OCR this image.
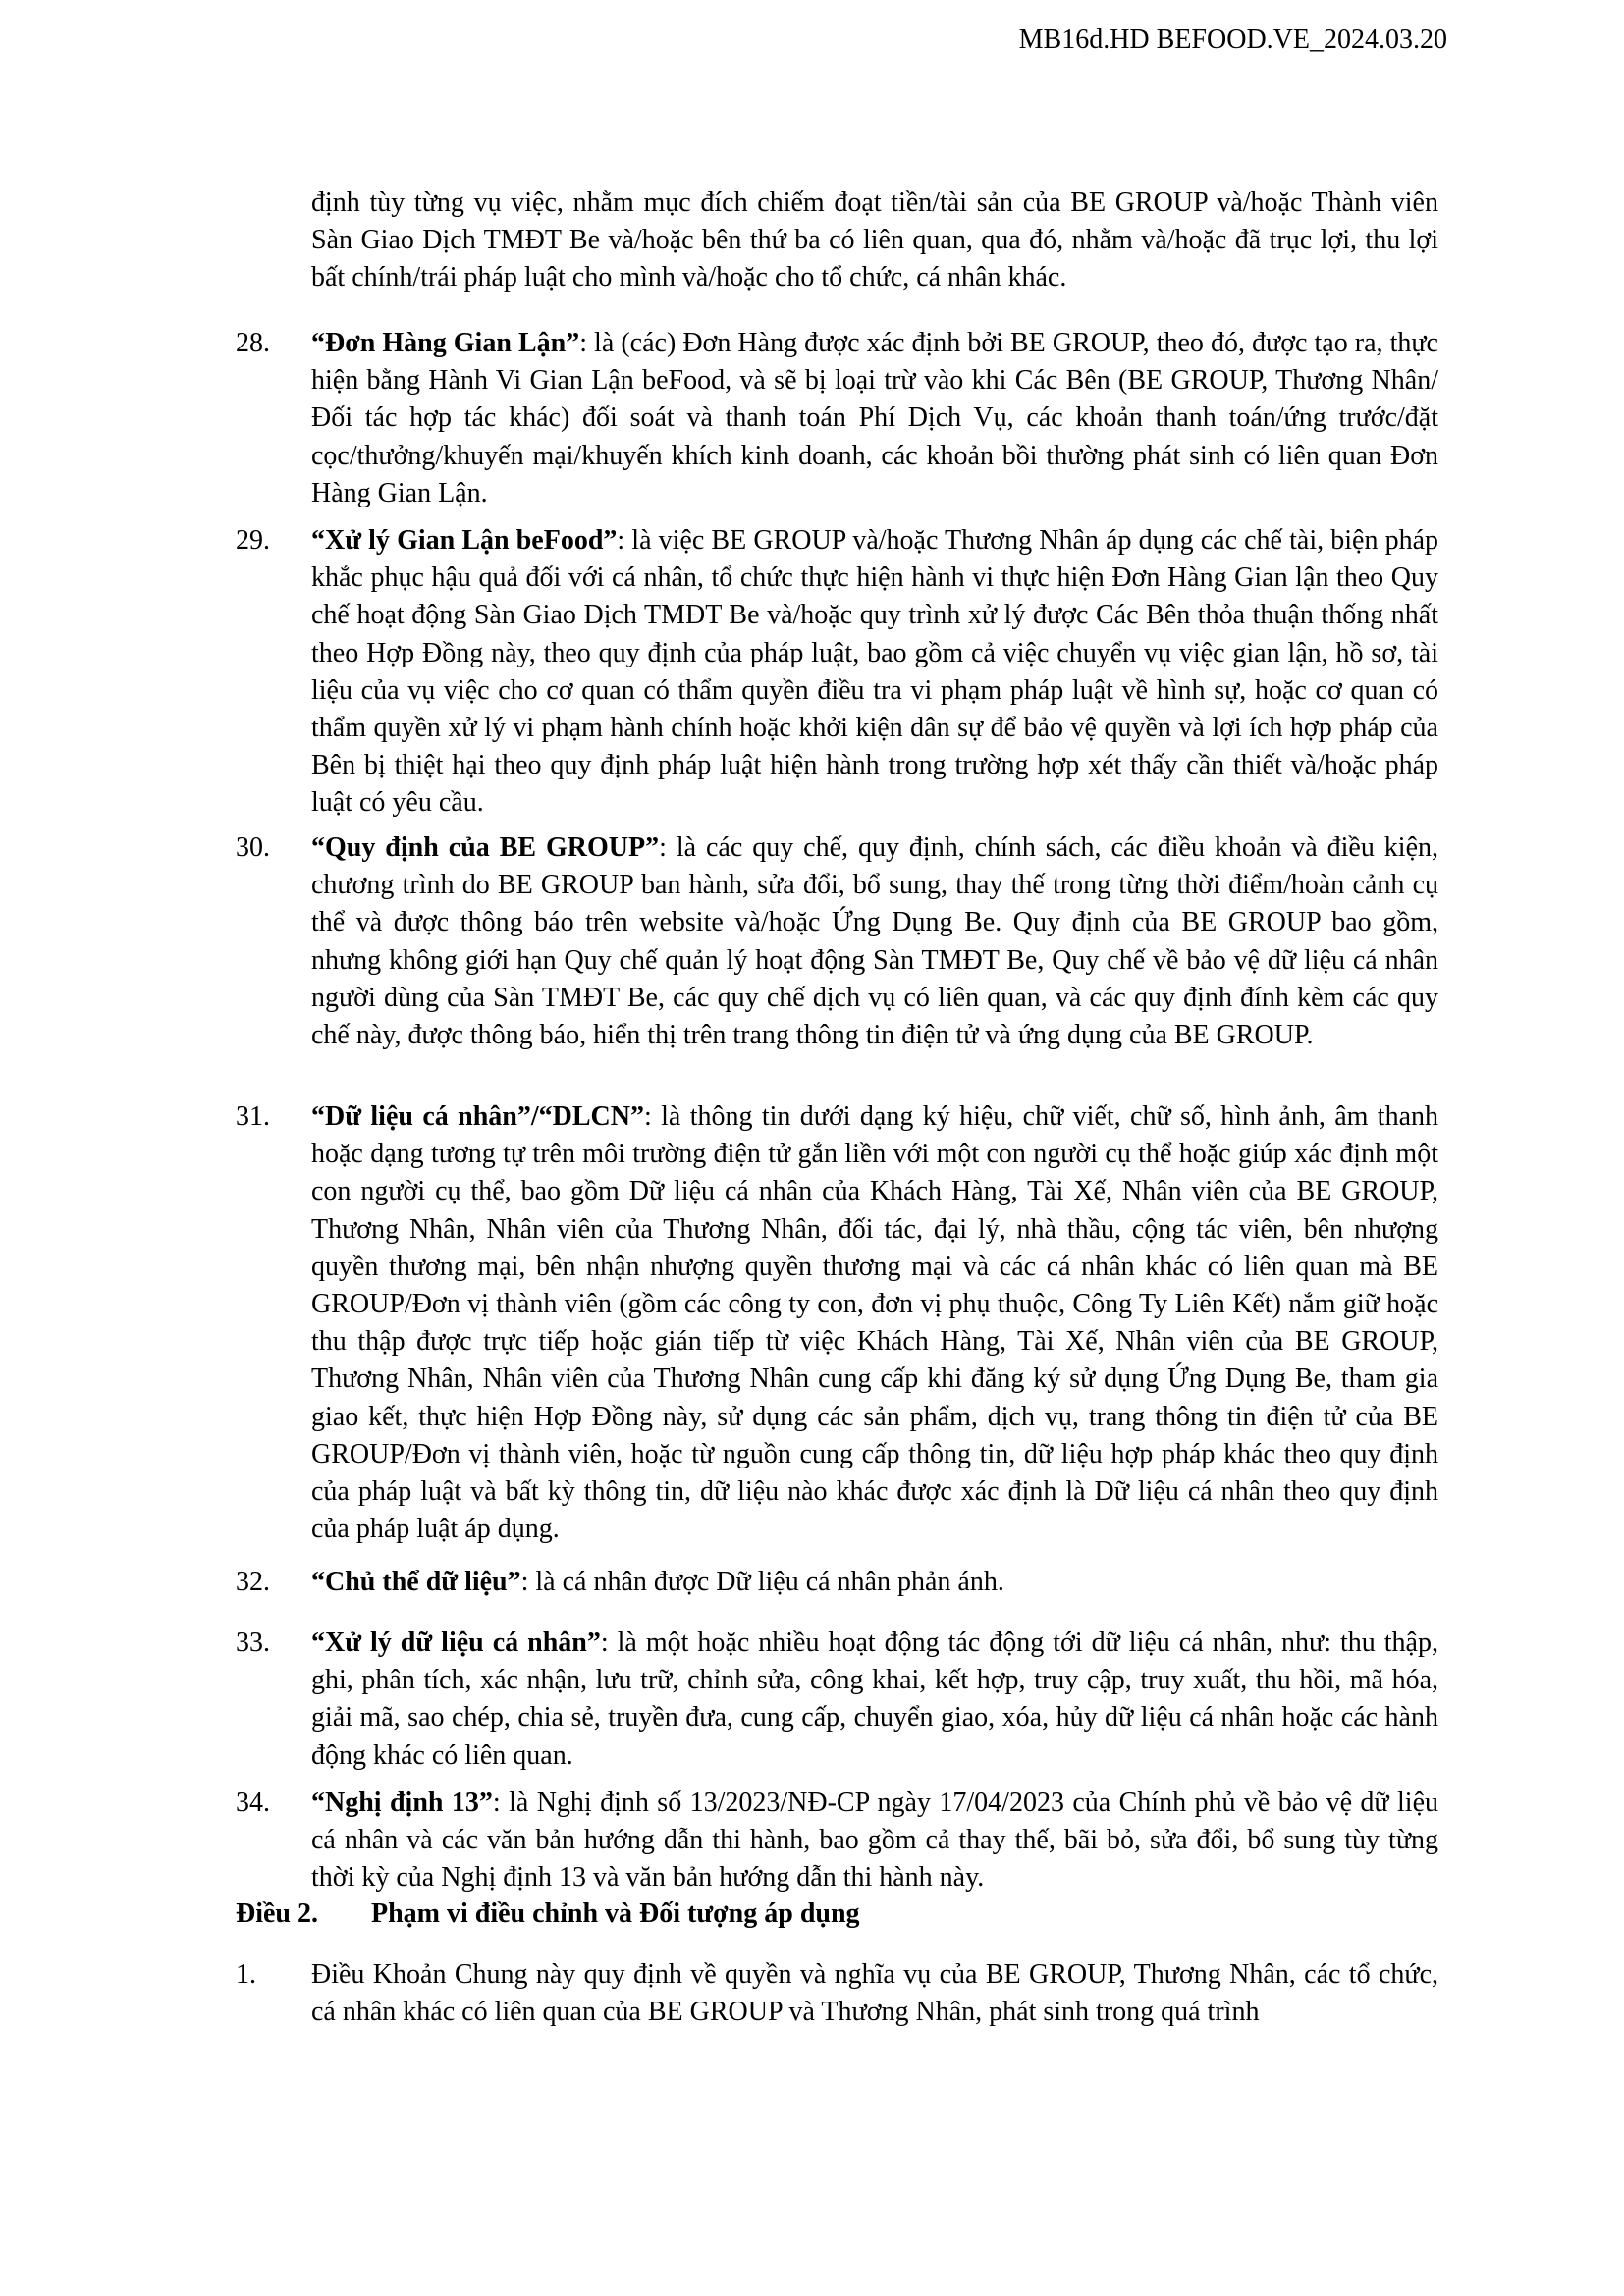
MB16d.HD BEFOOD.VE_2024.03.20

định tùy từng vụ việc, nhằm mục đích chiếm đoạt tiền/tài sản của BE GROUP và/hoặc Thành viên Sàn Giao Dịch TMĐT Be và/hoặc bên thứ ba có liên quan, qua đó, nhằm và/hoặc đã trục lợi, thu lợi bất chính/trái pháp luật cho mình và/hoặc cho tổ chức, cá nhân khác.

28.	“Đơn Hàng Gian Lận”: là (các) Đơn Hàng được xác định bởi BE GROUP, theo đó, được tạo ra, thực hiện bằng Hành Vi Gian Lận beFood, và sẽ bị loại trừ vào khi Các Bên (BE GROUP, Thương Nhân/Đối tác hợp tác khác) đối soát và thanh toán Phí Dịch Vụ, các khoản thanh toán/ứng trước/đặt cọc/thưởng/khuyến mại/khuyến khích kinh doanh, các khoản bồi thường phát sinh có liên quan Đơn Hàng Gian Lận.
29.	“Xử lý Gian Lận beFood”: là việc BE GROUP và/hoặc Thương Nhân áp dụng các chế tài, biện pháp khắc phục hậu quả đối với cá nhân, tổ chức thực hiện hành vi thực hiện Đơn Hàng Gian lận theo Quy chế hoạt động Sàn Giao Dịch TMĐT Be và/hoặc quy trình xử lý được Các Bên thỏa thuận thống nhất theo Hợp Đồng này, theo quy định của pháp luật, bao gồm cả việc chuyển vụ việc gian lận, hồ sơ, tài liệu của vụ việc cho cơ quan có thẩm quyền điều tra vi phạm pháp luật về hình sự, hoặc cơ quan có thẩm quyền xử lý vi phạm hành chính hoặc khởi kiện dân sự để bảo vệ quyền và lợi ích hợp pháp của Bên bị thiệt hại theo quy định pháp luật hiện hành trong trường hợp xét thấy cần thiết và/hoặc pháp luật có yêu cầu.
30.	“Quy định của BE GROUP”: là các quy chế, quy định, chính sách, các điều khoản và điều kiện, chương trình do BE GROUP ban hành, sửa đổi, bổ sung, thay thế trong từng thời điểm/hoàn cảnh cụ thể và được thông báo trên website và/hoặc Ứng Dụng Be. Quy định của BE GROUP bao gồm, nhưng không giới hạn Quy chế quản lý hoạt động Sàn TMĐT Be, Quy chế về bảo vệ dữ liệu cá nhân người dùng của Sàn TMĐT Be, các quy chế dịch vụ có liên quan, và các quy định đính kèm các quy chế này, được thông báo, hiển thị trên trang thông tin điện tử và ứng dụng của BE GROUP.
31.	“Dữ liệu cá nhân”/“DLCN”: là thông tin dưới dạng ký hiệu, chữ viết, chữ số, hình ảnh, âm thanh hoặc dạng tương tự trên môi trường điện tử gắn liền với một con người cụ thể hoặc giúp xác định một con người cụ thể, bao gồm Dữ liệu cá nhân của Khách Hàng, Tài Xế, Nhân viên của BE GROUP, Thương Nhân, Nhân viên của Thương Nhân, đối tác, đại lý, nhà thầu, cộng tác viên, bên nhượng quyền thương mại, bên nhận nhượng quyền thương mại và các cá nhân khác có liên quan mà BE GROUP/Đơn vị thành viên (gồm các công ty con, đơn vị phụ thuộc, Công Ty Liên Kết) nắm giữ hoặc thu thập được trực tiếp hoặc gián tiếp từ việc Khách Hàng, Tài Xế, Nhân viên của BE GROUP, Thương Nhân, Nhân viên của Thương Nhân cung cấp khi đăng ký sử dụng Ứng Dụng Be, tham gia giao kết, thực hiện Hợp Đồng này, sử dụng các sản phẩm, dịch vụ, trang thông tin điện tử của BE GROUP/Đơn vị thành viên, hoặc từ nguồn cung cấp thông tin, dữ liệu hợp pháp khác theo quy định của pháp luật và bất kỳ thông tin, dữ liệu nào khác được xác định là Dữ liệu cá nhân theo quy định của pháp luật áp dụng.
32.	“Chủ thể dữ liệu”: là cá nhân được Dữ liệu cá nhân phản ánh.
33.	“Xử lý dữ liệu cá nhân”: là một hoặc nhiều hoạt động tác động tới dữ liệu cá nhân, như: thu thập, ghi, phân tích, xác nhận, lưu trữ, chỉnh sửa, công khai, kết hợp, truy cập, truy xuất, thu hồi, mã hóa, giải mã, sao chép, chia sẻ, truyền đưa, cung cấp, chuyển giao, xóa, hủy dữ liệu cá nhân hoặc các hành động khác có liên quan.
34.	“Nghị định 13”: là Nghị định số 13/2023/NĐ-CP ngày 17/04/2023 của Chính phủ về bảo vệ dữ liệu cá nhân và các văn bản hướng dẫn thi hành, bao gồm cả thay thế, bãi bỏ, sửa đổi, bổ sung tùy từng thời kỳ của Nghị định 13 và văn bản hướng dẫn thi hành này.
Điều 2. Phạm vi điều chỉnh và Đối tượng áp dụng
1.	Điều Khoản Chung này quy định về quyền và nghĩa vụ của BE GROUP, Thương Nhân, các tổ chức, cá nhân khác có liên quan của BE GROUP và Thương Nhân, phát sinh trong quá trình
